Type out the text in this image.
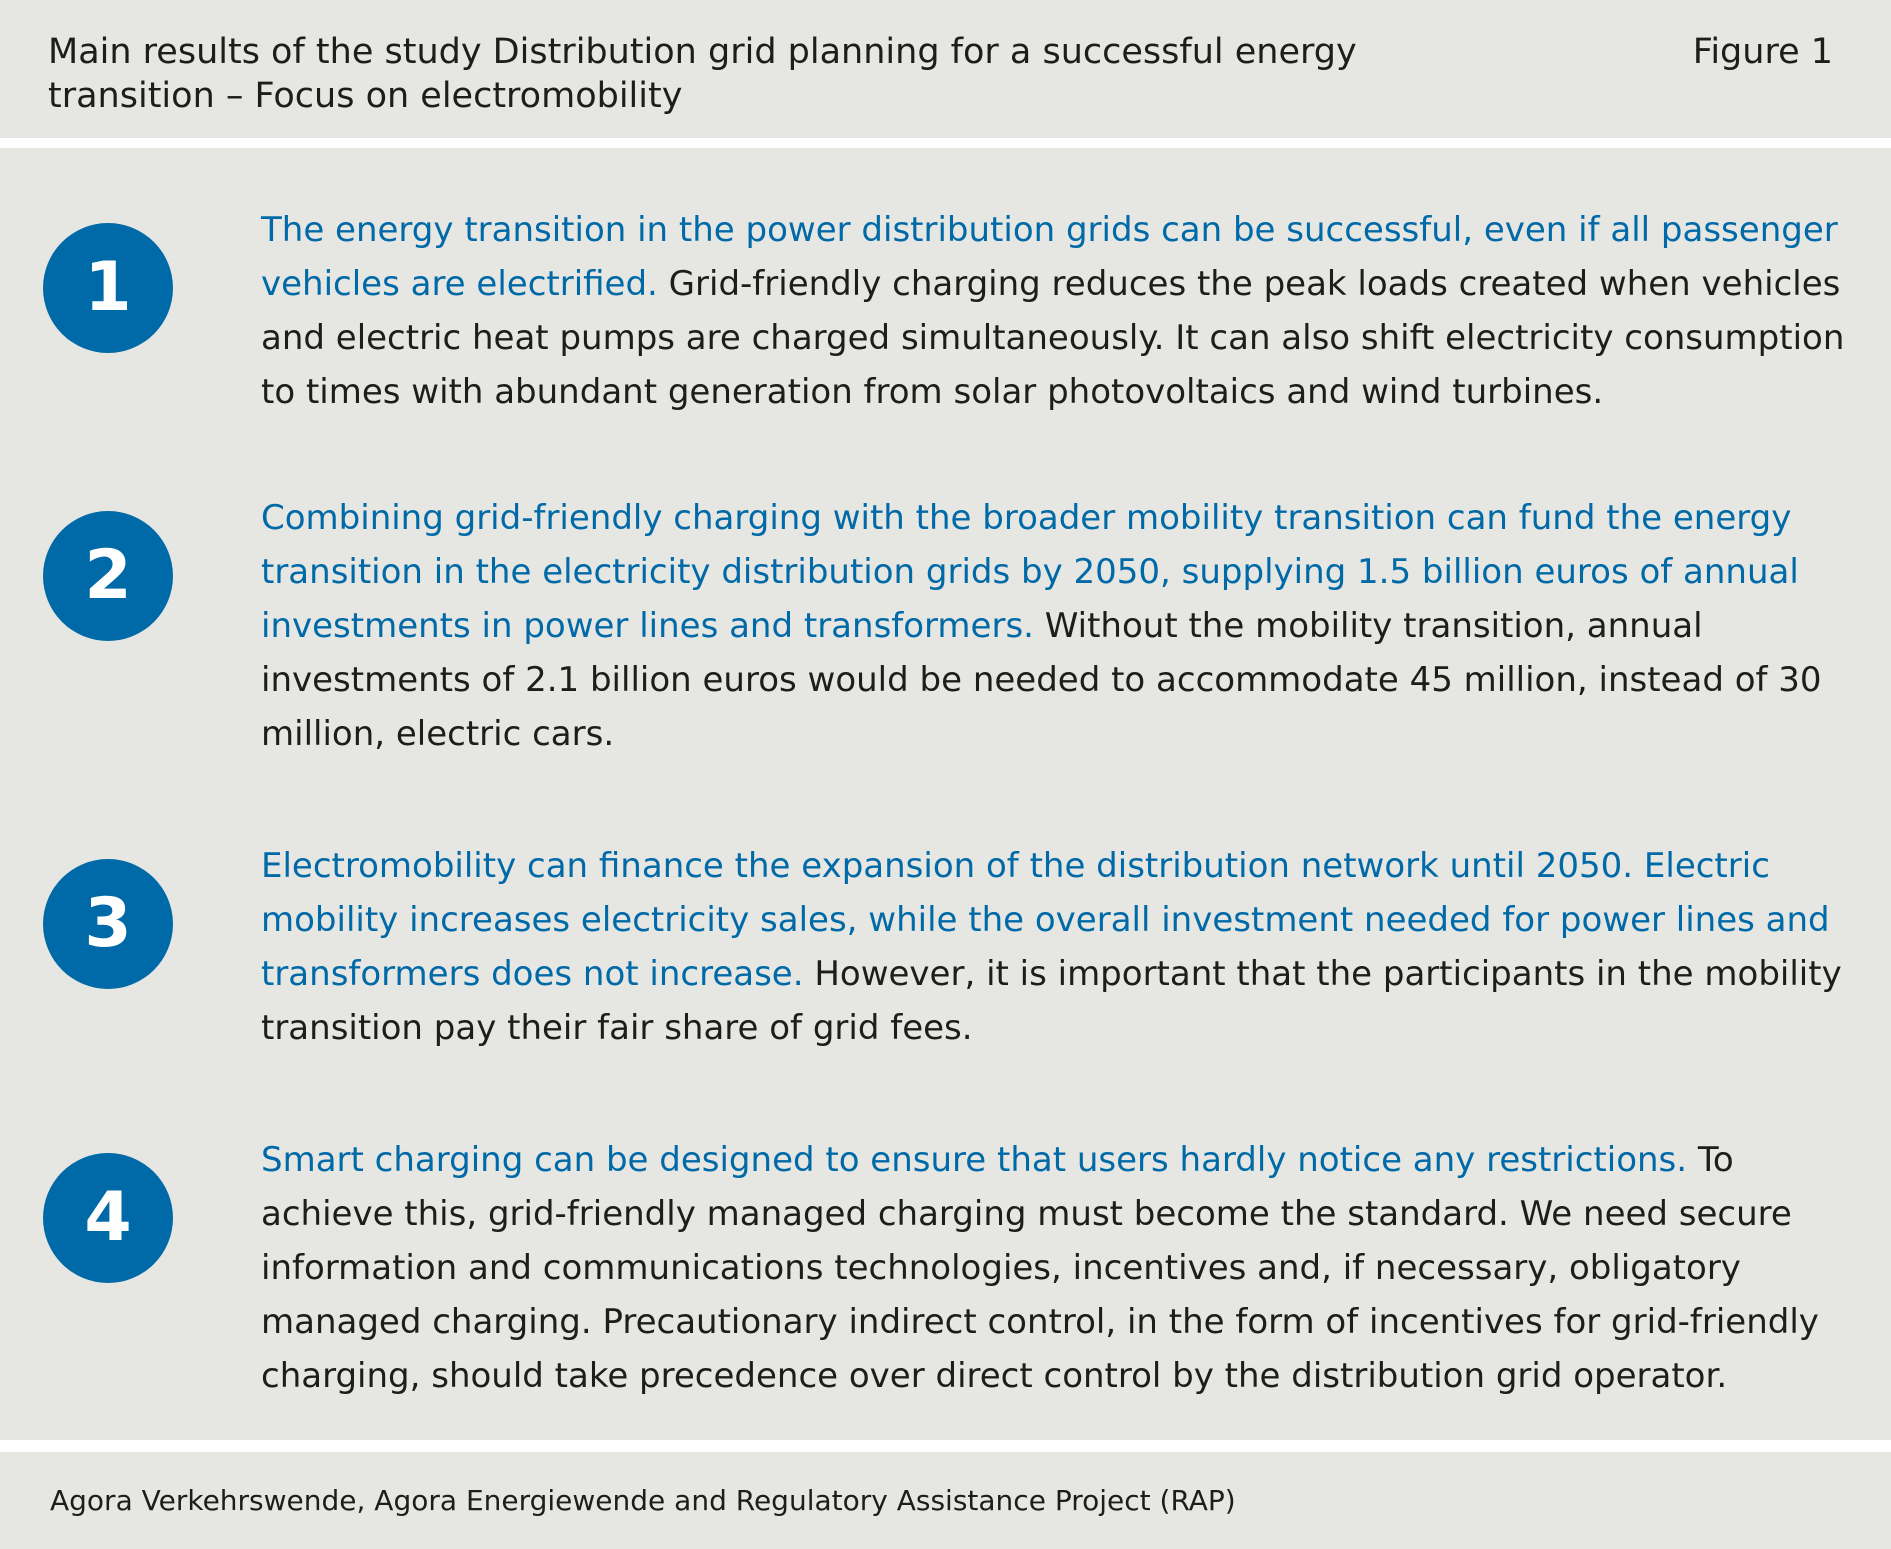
Main results of the study Distribution grid planning for a successful energy transition – Focus on electromobility
Figure 1
1
The energy transition in the power distribution grids can be successful, even if all passenger vehicles are electrified. Grid-friendly charging reduces the peak loads created when vehicles and electric heat pumps are charged simultaneously. It can also shift electricity consumption to times with abundant generation from solar photovoltaics and wind turbines.
2
Combining grid-friendly charging with the broader mobility transition can fund the energy transition in the electricity distribution grids by 2050, supplying 1.5 billion euros of annual investments in power lines and transformers. Without the mobility transition, annual investments of 2.1 billion euros would be needed to accommodate 45 million, instead of 30 million, electric cars.
3
Electromobility can finance the expansion of the distribution network until 2050. Electric mobility increases electricity sales, while the overall investment needed for power lines and transformers does not increase. However, it is important that the participants in the mobility transition pay their fair share of grid fees.
4
Smart charging can be designed to ensure that users hardly notice any restrictions. To achieve this, grid-friendly managed charging must become the standard. We need secure information and communications technologies, incentives and, if necessary, obligatory managed charging. Precautionary indirect control, in the form of incentives for grid-friendly charging, should take precedence over direct control by the distribution grid operator.
Agora Verkehrswende, Agora Energiewende and Regulatory Assistance Project (RAP)
